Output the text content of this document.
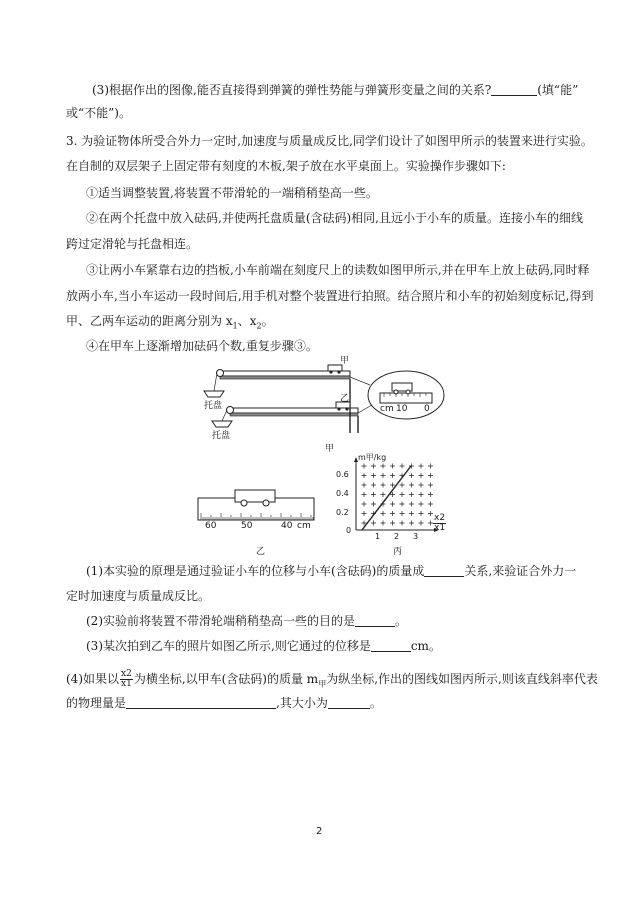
(3)根据作出的图像,能否直接得到弹簧的弹性势能与弹簧形变量之间的关系?	(填“能”
或“不能”)。
3. 为验证物体所受合外力一定时,加速度与质量成反比,同学们设计了如图甲所示的装置来进行实验。
在自制的双层架子上固定带有刻度的木板,架子放在水平桌面上。实验操作步骤如下:
①适当调整装置,将装置不带滑轮的一端稍稍垫高一些。
②在两个托盘中放入砝码,并使两托盘质量(含砝码)相同,且远小于小车的质量。连接小车的细线
跨过定滑轮与托盘相连。
③让两小车紧靠右边的挡板,小车前端在刻度尺上的读数如图甲所示,并在甲车上放上砝码,同时释
放两小车,当小车运动一段时间后,用手机对整个装置进行拍照。结合照片和小车的初始刻度标记,得到
甲、乙两车运动的距离分别为 $x_1$、$x_2$。
④在甲车上逐渐增加砝码个数,重复步骤③。
甲
乙
托盘
托盘
cm 10 0
甲
60	50	40 cm
乙
m甲/kg
0.6
0.4
0.2
0
1 2 3
$\frac{x2}{x1}$
丙
(1)本实验的原理是通过验证小车的位移与小车(含砝码)的质量成	关系,来验证合外力一
定时加速度与质量成反比。
(2)实验前将装置不带滑轮端稍稍垫高一些的目的是	。
(3)某次拍到乙车的照片如图乙所示,则它通过的位移是	cm。
(4)如果以 $\frac{x2}{x1}$ 为横坐标,以甲车(含砝码)的质量 $m_甲$为纵坐标,作出的图线如图丙所示,则该直线斜率代表
的物理量是	,其大小为	。
2
